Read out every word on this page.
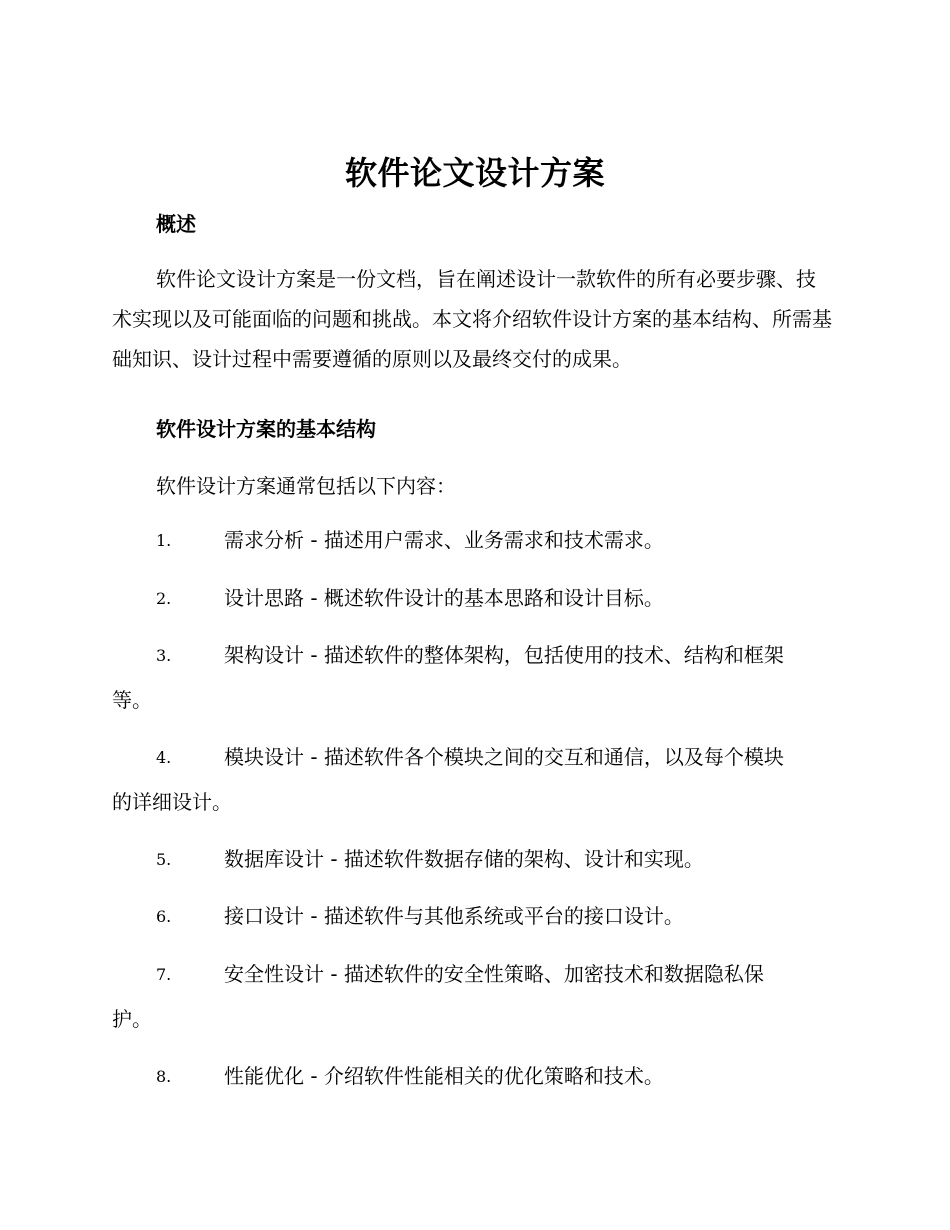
软件论文设计方案
概述
软件论文设计方案是一份文档，旨在阐述设计一款软件的所有必要步骤、技术实现以及可能面临的问题和挑战。本文将介绍软件设计方案的基本结构、所需基础知识、设计过程中需要遵循的原则以及最终交付的成果。
软件设计方案的基本结构
软件设计方案通常包括以下内容：
1.	需求分析 - 描述用户需求、业务需求和技术需求。
2.	设计思路 - 概述软件设计的基本思路和设计目标。
3.	架构设计 - 描述软件的整体架构，包括使用的技术、结构和框架
等。
4.	模块设计 - 描述软件各个模块之间的交互和通信，以及每个模块
的详细设计。
5.	数据库设计 - 描述软件数据存储的架构、设计和实现。
6.	接口设计 - 描述软件与其他系统或平台的接口设计。
7.	安全性设计 - 描述软件的安全性策略、加密技术和数据隐私保
护。
8.	性能优化 - 介绍软件性能相关的优化策略和技术。
